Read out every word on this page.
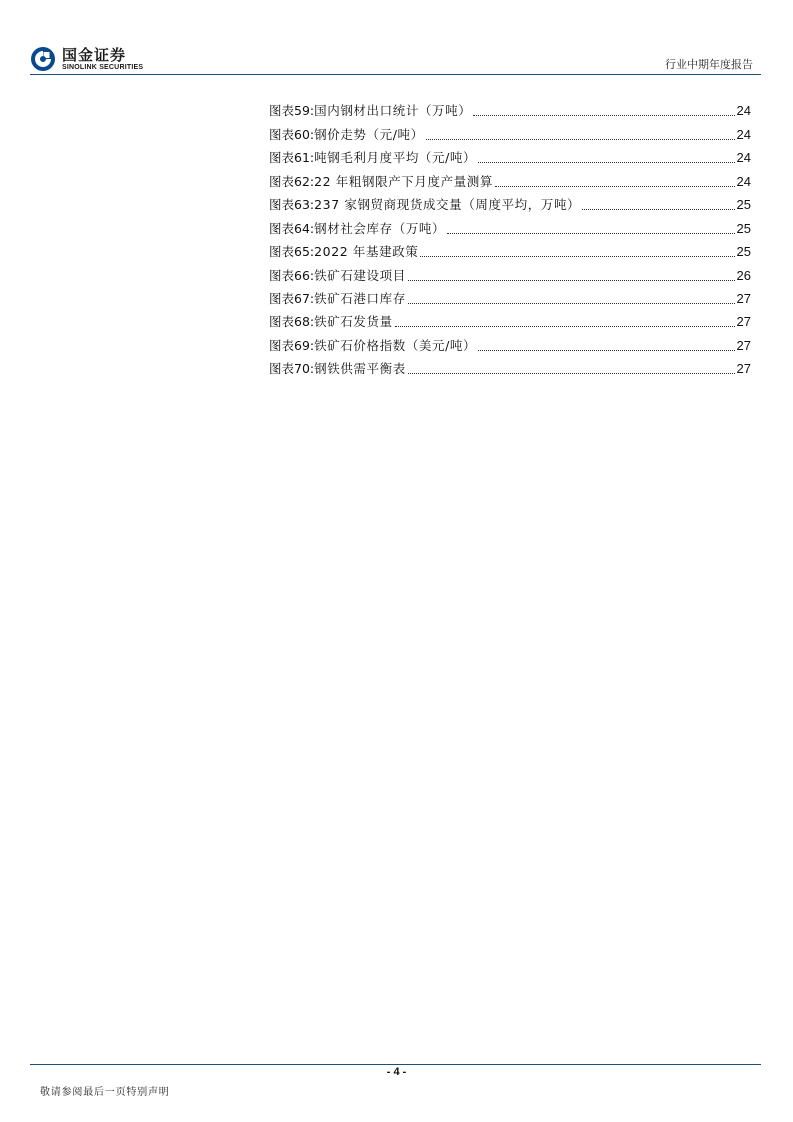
国金证券
SINOLINK SECURITIES	行业中期年度报告
图表59: 国内钢材出口统计（万吨）	24
图表60: 钢价走势（元/吨）	24
图表61: 吨钢毛利月度平均（元/吨）	24
图表62: 22 年粗钢限产下月度产量测算	24
图表63: 237 家钢贸商现货成交量（周度平均，万吨）	25
图表64: 钢材社会库存（万吨）	25
图表65: 2022 年基建政策	25
图表66: 铁矿石建设项目	26
图表67: 铁矿石港口库存	27
图表68: 铁矿石发货量	27
图表69: 铁矿石价格指数（美元/吨）	27
图表70: 钢铁供需平衡表	27
- 4 -
敬请参阅最后一页特别声明
